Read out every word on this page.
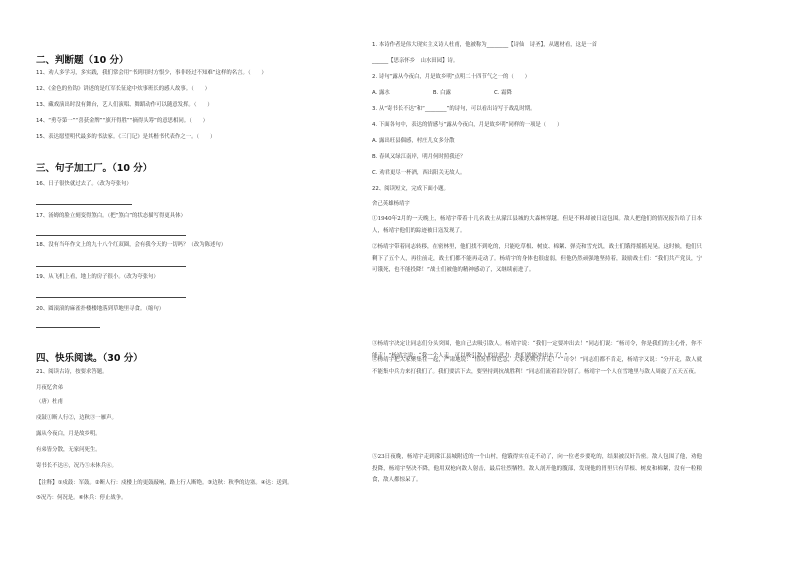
二、判断题（10 分）
11、劝人多学习，多实践，我们常会用“书到用时方恨少，事非经过不知难”这样的名言。（　　）
12、《金色的鱼钩》讲述的是红军长征途中炊事班长的感人故事。（　　）
13、藏戏演出时没有舞台，艺人们演唱、舞蹈动作可以随意发挥。（　　）
14、“勇夺第一”“喜获金牌”“旗开得胜”“摘得头筹”的意思相同。（　　）
15、表达愿望明代最多的书法家。《三门记》是其楷书代表作之一。（　　）
三、句子加工厂。（10 分）
16、日子很快就过去了。（改为夸张句）
17、汤姆的脸立刻变得煞白。（把“煞白”的状态描写得更具体）
18、没有当年作文上的九十八个红双圈，会有我今天的一切吗？（改为陈述句）
19、从飞机上看，地上的房子很小。（改为夸张句）
20、圆滚滚的麻雀扑楼楼地落到草地里寻食。（缩句）
四、快乐阅读。（30 分）
21、阅读古诗，按要求答题。
月夜忆舍弟
（唐）杜甫
戍鼓①断人行②，边秋③一雁声。
露从今夜白，月是故乡明。
有弟皆分散，无家问死生。
寄书长不达④，况乃⑤未休兵⑥。
【注释】①戍鼓：军鼓。②断人行：戍楼上的更鼓敲响，路上行人断绝。③边秋：秋季的边塞。④达：送到。
⑤况乃：何况是。⑥休兵：停止战争。
1. 本诗作者是伟大现实主义诗人杜甫，他被称为________【诗仙　诗圣】，从题材看，这是一首
______【思亲怀乡　山水田园】诗。
2. 诗句“露从今夜白，月是故乡明”点明二十四节气之一的（　　）
A. 露水　　　　　　　　B. 白露　　　　　　　　C. 霜降
3. 从“寄书长不达”和“________”的诗句，可以看出诗写于战乱时期。
4. 下面各句中，表达的情感与“露从今夜白，月是故乡明”同样的一项是（　　）
A. 露出旺县偶感，村庄儿女多分散
B. 春风又绿江南岸，明月何时照我还？
C. 劝君更尽一杯酒，西出阳关无故人。
22、阅读短文，完成下面小题。
舍己英雄杨靖宇
①1940年2月的一天晚上，杨靖宇带着十几名战士从濛江县城的大森林穿越。但是不料却被日寇包围。敌人把他们的情况报告给了日本人，杨靖宇他们的踪迹被日寇发现了。
②杨靖宇带着同志转移，在密林里，他们找不到吃的，只能吃草根、树皮、棉絮、弹壳和雪充饥，战士们饿得摇摇晃晃。这时候，他们只剩下了五个人，再往前走，战士们都不能再走动了。杨靖宇的身体也很虚弱，但他仍然顽强地坚持着，鼓励战士们：“我们共产党员，宁可饿死，也不能投降！”战士们被他的精神感动了，又继续前进了。
③杨靖宇决定让同志们分头突围，他自己去吸引敌人。杨靖宇说：“我们一定要冲出去！”同志们说：“杨司令，你是我们的主心骨，你不能走！”杨靖宇说：“我一个人走，可以吸引敌人的注意力，你们就能冲出去了！”
④杨靖宇把大家聚集在一起，严肃地说：“情况非常危急，大家必须分开走！”“司令！”同志们都不肯走，杨靖宇又说：“分开走，敌人就不能集中兵力来打我们了。我们要活下去，要坚持到抗战胜利！”同志们流着泪分别了。杨靖宇一个人在雪地里与敌人周旋了五天五夜。
⑤23日夜晚，杨靖宇走到濛江县城附近的一个山村，他饿得实在走不动了，向一位老乡要吃的，结果被汉奸告密。敌人包围了他，劝他投降，杨靖宇坚决不降，他用双枪向敌人射击，最后壮烈牺牲。敌人剖开他的腹部，发现他的胃里只有草根、树皮和棉絮，没有一粒粮食，敌人都惊呆了。
